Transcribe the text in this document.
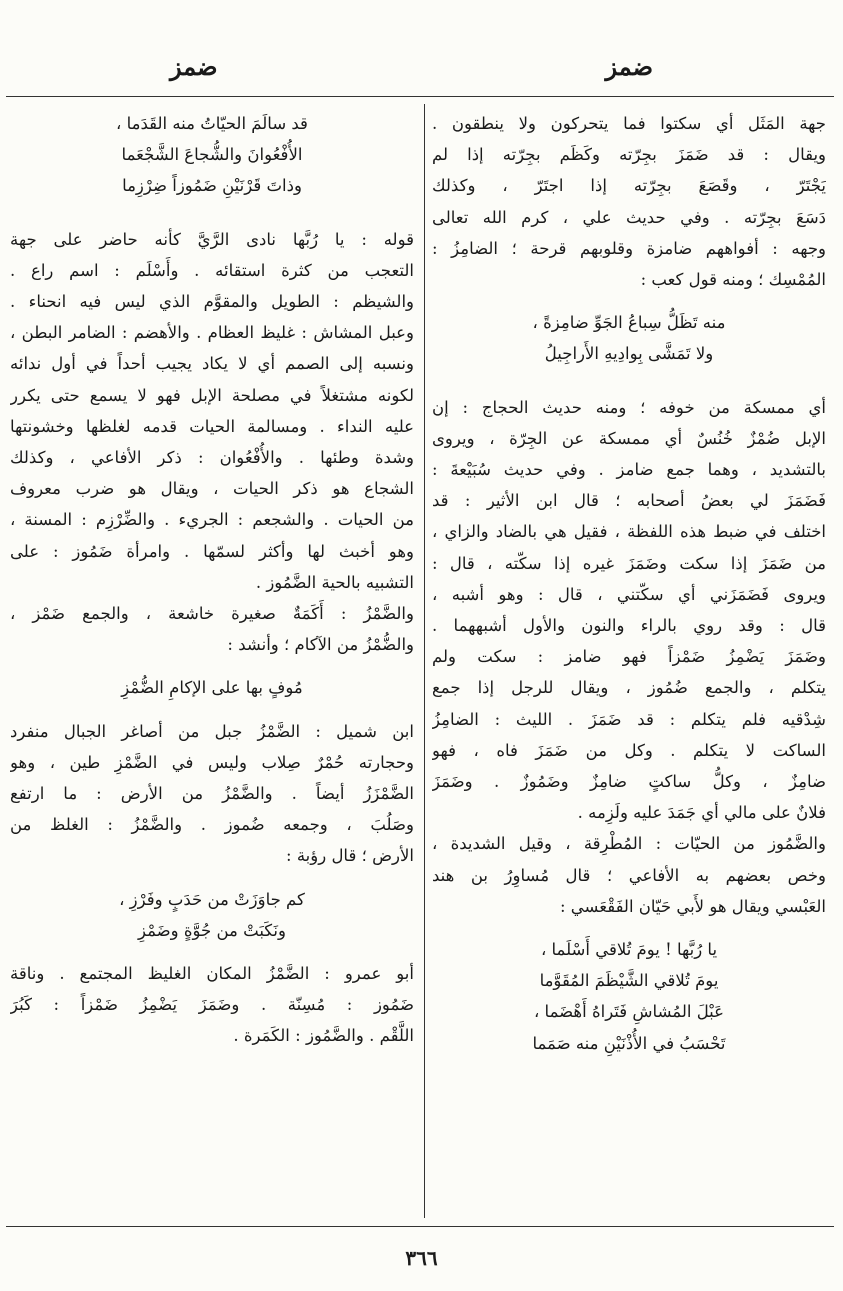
ضمز
ضمز
جهة المَثَل أي سكتوا فما يتحركون ولا ينطقون .
ويقال : قد ضَمَزَ بجِرّته وكَظَم بجِرّته إذا لم
يَجْتَرّ ، وقَصَعَ بجِرّته إذا اجتَرّ ، وكذلك
دَسَعَ بجِرّته . وفي حديث علي ، كرم الله تعالى
وجهه : أفواههم ضامزة وقلوبهم قرحة ؛ الضامِزُ :
المُمْسِك ؛ ومنه قول كعب :
منه تَظَلُّ سِباعُ الجَوِّ ضامِزةً ،
ولا تَمَشَّى بِوادِيهِ الأَراجِيلُ
أي ممسكة من خوفه ؛ ومنه حديث الحجاج : إن
الإبل ضُمْزٌ خُنُسٌ أي ممسكة عن الجِرّة ، ويروى
بالتشديد ، وهما جمع ضامز . وفي حديث سُبَيْعةَ :
فَضَمَزَ لي بعضُ أصحابه ؛ قال ابن الأثير : قد
اختلف في ضبط هذه اللفظة ، فقيل هي بالضاد والزاي ،
من ضَمَزَ إذا سكت وضَمَزَ غيره إذا سكّته ، قال :
ويروى فَضَمَزَني أي سكّتني ، قال : وهو أشبه ،
قال : وقد روي بالراء والنون والأول أشبههما .
وضَمَزَ يَضْمِزُ ضَمْزاً فهو ضامز : سكت ولم
يتكلم ، والجمع ضُمُوز ، ويقال للرجل إذا جمع
شِدْقيه فلم يتكلم : قد ضَمَزَ . الليث : الضامِزُ
الساكت لا يتكلم . وكل من ضَمَزَ فاه ، فهو
ضامِزٌ ، وكلُّ ساكتٍ ضامِزٌ وضَمُوزٌ . وضَمَزَ
فلانٌ على مالي أي جَمَدَ عليه ولَزِمه .
والضَّمُوز من الحيّات : المُطْرِقة ، وقيل الشديدة ،
وخص بعضهم به الأفاعي ؛ قال مُساوِرُ بن هند
العَبْسي ويقال هو لأَبي حَيّان الفَقْعَسي :
يا رُبَّها ! يومَ تُلاقي أَسْلَما ،
يومَ تُلاقي الشَّيْظَمَ المُقَوَّما
عَبْلَ المُشاشِ فَتَراهُ أَهْضَما ،
تَحْسَبُ في الأُذْنَيْنِ منه صَمَما
قد سالَمَ الحيّاتُ منه القَدَما ،
الأُفْعُوانَ والشُّجاعَ الشَّجْعَما
وذاتَ قَرْنَيْنِ ضَمُوزاً ضِرْزِما
قوله : يا رُبَّها نادى الرَّيَّ كأنه حاضر على جهة
التعجب من كثرة استقائه . وأَسْلَم : اسم راع .
والشيظم : الطويل والمقوَّم الذي ليس فيه انحناء .
وعبل المشاش : غليظ العظام . والأهضم : الضامر البطن ،
ونسبه إلى الصمم أي لا يكاد يجيب أحداً في أول ندائه
لكونه مشتغلاً في مصلحة الإبل فهو لا يسمع حتى يكرر
عليه النداء . ومسالمة الحيات قدمه لغلظها وخشونتها
وشدة وطئها . والأُفْعُوان : ذكر الأفاعي ، وكذلك
الشجاع هو ذكر الحيات ، ويقال هو ضرب معروف
من الحيات . والشجعم : الجريء . والضِّرْزِم : المسنة ،
وهو أخبث لها وأكثر لسمّها . وامرأة ضَمُوز : على
التشبيه بالحية الضَّمُوز .
والضَّمْزُ : أَكَمَةٌ صغيرة خاشعة ، والجمع ضَمْز ،
والضُّمْزُ من الآكام ؛ وأنشد :
مُوفٍ بها على الإكامِ الضُّمْزِ
ابن شميل : الضَّمْزُ جبل من أصاغر الجبال منفرد
وحجارته حُمْرٌ صِلاب وليس في الضَّمْزِ طين ، وهو
الضَّمْزَزُ أيضاً . والضَّمْزُ من الأرض : ما ارتفع
وصَلُبَ ، وجمعه ضُموز . والضَّمْزُ : الغلظ من
الأرض ؛ قال رؤبة :
كم جاوَزَتْ من حَدَبٍ وفَرْزِ ،
ونَكَبَتْ من جُوَّةٍ وضَمْزِ
أبو عمرو : الضَّمْزُ المكان الغليظ المجتمع . وناقة
ضَمُوز : مُسِنّة . وضَمَزَ يَضْمِزُ ضَمْزاً : كَبُرَ
اللَّقْم . والضَّمُوز : الكَمَرة .
٣٦٦
